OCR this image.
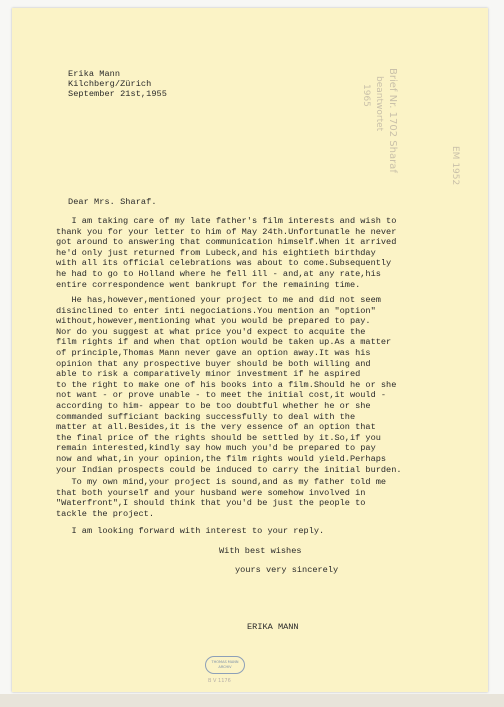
Erika Mann
Kilchberg/Zürich
September 21st,1955	Brief Nr. 1702 Sharaf
beantwortet
1965
EM 1952
Dear Mrs. Sharaf.
I am taking care of my late father's film interests and wish to
thank you for your letter to him of May 24th.Unfortunatle he never
got around to answering that communication himself.When it arrived
he'd only just returned from Lubeck,and his eightieth birthday
with all its official celebrations was about to come.Subsequently
he had to go to Holland where he fell ill - and,at any rate,his
entire correspondence went bankrupt for the remaining time.
He has,however,mentioned your project to me and did not seem
disinclined to enter inti negociations.You mention an "option"
without,however,mentioning what you would be prepared to pay.
Nor do you suggest at what price you'd expect to acquite the
film rights if and when that option would be taken up.As a matter
of principle,Thomas Mann never gave an option away.It was his
opinion that any prospective buyer should be both willing and
able to risk a comparatively minor investment if he aspired
to the right to make one of his books into a film.Should he or she
not want - or prove unable - to meet the initial cost,it would -
according to him- appear to be too doubtful whether he or she
commanded sufficiant backing successfully to deal with the
matter at all.Besides,it is the very essence of an option that
the final price of the rights should be settled by it.So,if you
remain interested,kindly say how much you'd be prepared to pay
now and what,in your opinion,the film rights would yield.Perhaps
your Indian prospects could be induced to carry the initial burden.
To my own mind,your project is sound,and as my father told me
that both yourself and your husband were somehow involved in
"Waterfront",I should think that you'd be just the people to
tackle the project.
I am looking forward with interest to your reply.
With best wishes
yours very sincerely
ERIKA MANN
THOMAS MANN
ARCHIV
B V 1176
